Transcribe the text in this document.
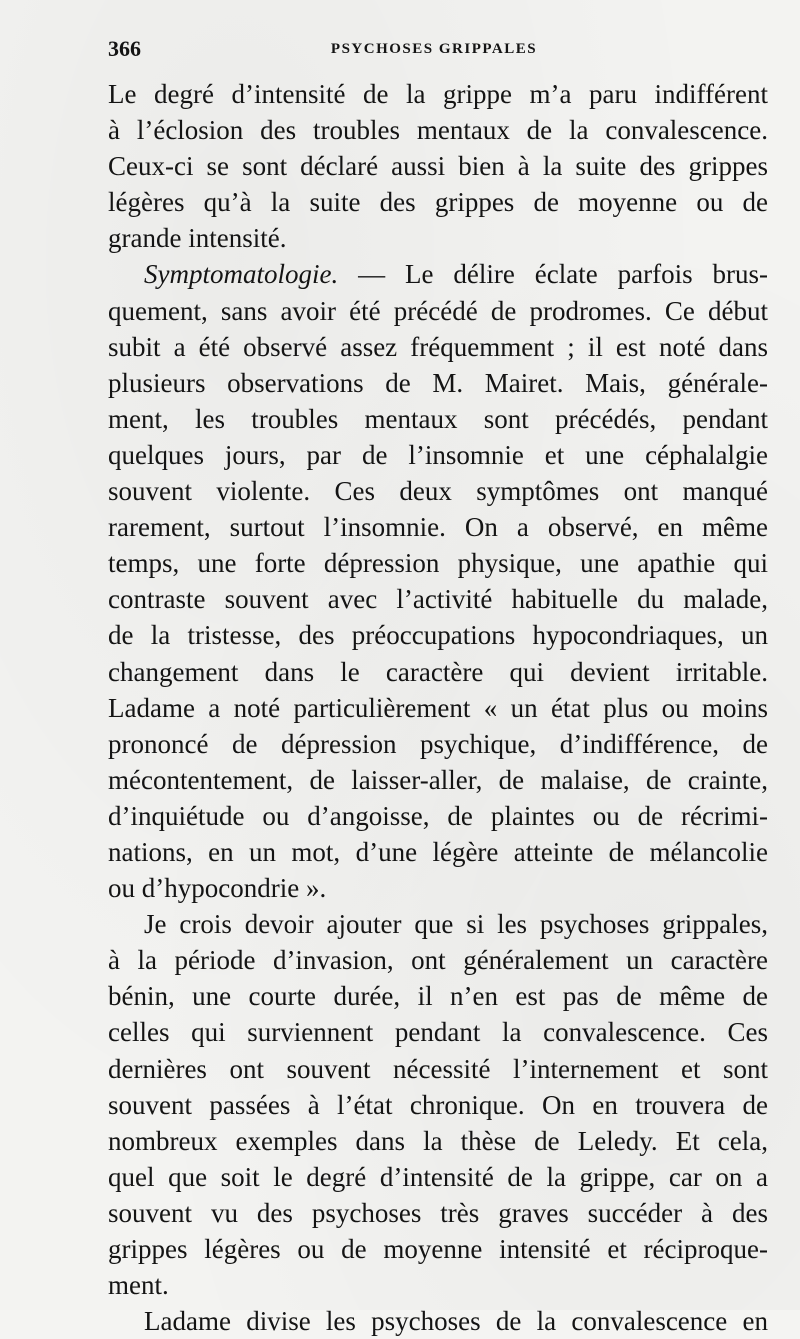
366	PSYCHOSES GRIPPALES
Le degré d’intensité de la grippe m’a paru indifférent
à l’éclosion des troubles mentaux de la convalescence.
Ceux-ci se sont déclaré aussi bien à la suite des grippes
légères qu’à la suite des grippes de moyenne ou de
grande intensité.
Symptomatologie. — Le délire éclate parfois brus-
quement, sans avoir été précédé de prodromes. Ce début
subit a été observé assez fréquemment ; il est noté dans
plusieurs observations de M. Mairet. Mais, générale-
ment, les troubles mentaux sont précédés, pendant
quelques jours, par de l’insomnie et une céphalalgie
souvent violente. Ces deux symptômes ont manqué
rarement, surtout l’insomnie. On a observé, en même
temps, une forte dépression physique, une apathie qui
contraste souvent avec l’activité habituelle du malade,
de la tristesse, des préoccupations hypocondriaques, un
changement dans le caractère qui devient irritable.
Ladame a noté particulièrement « un état plus ou moins
prononcé de dépression psychique, d’indifférence, de
mécontentement, de laisser-aller, de malaise, de crainte,
d’inquiétude ou d’angoisse, de plaintes ou de récrimi-
nations, en un mot, d’une légère atteinte de mélancolie
ou d’hypocondrie ».
Je crois devoir ajouter que si les psychoses grippales,
à la période d’invasion, ont généralement un caractère
bénin, une courte durée, il n’en est pas de même de
celles qui surviennent pendant la convalescence. Ces
dernières ont souvent nécessité l’internement et sont
souvent passées à l’état chronique. On en trouvera de
nombreux exemples dans la thèse de Leledy. Et cela,
quel que soit le degré d’intensité de la grippe, car on a
souvent vu des psychoses très graves succéder à des
grippes légères ou de moyenne intensité et réciproque-
ment.
Ladame divise les psychoses de la convalescence en
